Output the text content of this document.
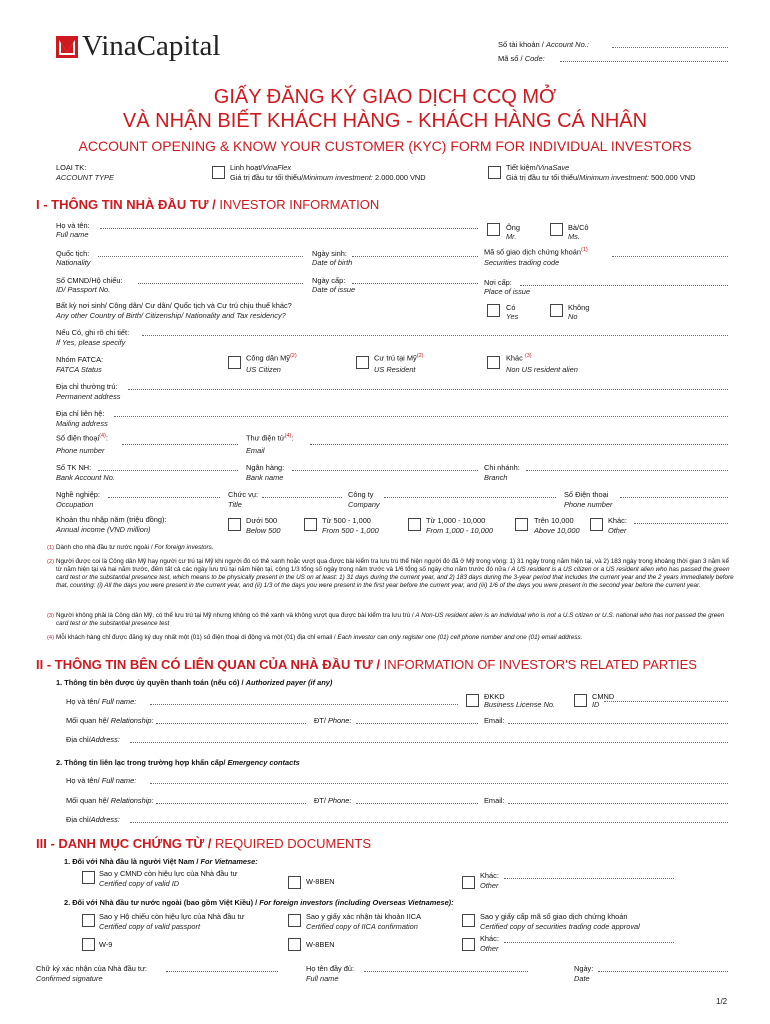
VinaCapital	Số tài khoản / Account No.:
Mã số / Code:
GIẤY ĐĂNG KÝ GIAO DỊCH CCQ MỞ
VÀ NHẬN BIẾT KHÁCH HÀNG - KHÁCH HÀNG CÁ NHÂN
ACCOUNT OPENING & KNOW YOUR CUSTOMER (KYC) FORM FOR INDIVIDUAL INVESTORS
LOẠI TK:
ACCOUNT TYPE
Linh hoạt/VinaFlex
Giá trị đầu tư tối thiểu/Minimum investment: 2.000.000 VND
Tiết kiệm/VinaSave
Giá trị đầu tư tối thiểu/Minimum investment: 500.000 VND
I - THÔNG TIN NHÀ ĐẦU TƯ / INVESTOR INFORMATION
Họ và tên:
Full name
Ông
Mr.
Bà/Cô
Ms.
Quốc tịch:
Nationality
Ngày sinh:
Date of birth
Mã số giao dịch chứng khoán$^{(1)}$
Securities trading code
Số CMND/Hộ chiếu:
ID/ Passport No.
Ngày cấp:
Date of issue
Nơi cấp:
Place of issue
Bất kỳ nơi sinh/ Công dân/ Cư dân/ Quốc tịch và Cư trú chịu thuế khác?
Any other Country of Birth/ Citizenship/ Nationality and Tax residency?
Có
Yes
Không
No
Nếu Có, ghi rõ chi tiết:
If Yes, please specify
Nhóm FATCA:
FATCA Status
Công dân Mỹ$^{(2)}$
US Citizen
Cư trú tại Mỹ$^{(2)}$
US Resident
Khác $^{(3)}$
Non US resident alien
Địa chỉ thường trú:
Permanent address
Địa chỉ liên hệ:
Mailing address
Số điện thoại$^{(4)}$:
Phone number
Thư điện tử$^{(4)}$:
Email
Số TK NH:
Bank Account No.
Ngân hàng:
Bank name
Chi nhánh:
Branch
Nghề nghiệp:
Occupation
Chức vụ:
Title
Công ty
Company
Số Điện thoại
Phone number
Khoản thu nhập năm (triệu đồng):
Annual income (VND million)
Dưới 500
Below 500
Từ 500 - 1,000
From 500 - 1,000
Từ 1,000 - 10,000
From 1,000 - 10,000
Trên 10,000
Above 10,000
Khác:
Other
(1) Dành cho nhà đầu tư nước ngoài / For foreign investors.
(2) Người được coi là Công dân Mỹ hay người cư trú tại Mỹ khi người đó có thẻ xanh hoặc vượt qua được bài kiểm tra lưu trú thể hiện người đó đã ở Mỹ trong vòng: 1) 31 ngày trong năm hiện tại, và 2) 183 ngày trong khoảng thời gian 3 năm kể từ năm hiện tại và hai năm trước, đếm tất cả các ngày lưu trú tại năm hiện tại, cộng 1/3 tổng số ngày trong năm trước và 1/6 tổng số ngày cho năm trước đó nữa / A US resident is a US citizen or a US resident alien who has passed the green card test or the substantial presence test, which means to be physically present in the US on at least: 1) 31 days during the current year, and 2) 183 days during the 3-year period that includes the current year and the 2 years immediately before that, counting: (i) All the days you were present in the current year, and (ii) 1/3 of the days you were present in the first year before the current year, and (iii) 1/6 of the days you were present in the second year before the current year.
(3) Người không phải là Công dân Mỹ, có thể lưu trú tại Mỹ nhưng không có thẻ xanh và không vượt qua được bài kiểm tra lưu trú / A Non-US resident alien is an individual who is not a U.S citizen or U.S. national who has not passed the green card test or the substantial presence test
(4) Mỗi khách hàng chỉ được đăng ký duy nhất một (01) số điện thoại di động và một (01) địa chỉ email / Each investor can only register one (01) cell phone number and one (01) email address.
II - THÔNG TIN BÊN CÓ LIÊN QUAN CỦA NHÀ ĐẦU TƯ / INFORMATION OF INVESTOR'S RELATED PARTIES
1. Thông tin bên được ủy quyền thanh toán (nếu có) / Authorized payer (if any)
Họ và tên/ Full name:
ĐKKD
Business License No.
CMND
ID
Mối quan hệ/ Relationship:	ĐT/ Phone:	Email:
Địa chỉ/Address:
2. Thông tin liên lạc trong trường hợp khẩn cấp/ Emergency contacts
Họ và tên/ Full name:
Mối quan hệ/ Relationship:	ĐT/ Phone:	Email:
Địa chỉ/Address:
III - DANH MỤC CHỨNG TỪ / REQUIRED DOCUMENTS
1. Đối với Nhà đầu là người Việt Nam / For Vietnamese:
Sao y CMND còn hiệu lực của Nhà đầu tư
Certified copy of valid ID	W-8BEN
Khác:
Other
2. Đối với Nhà đầu tư nước ngoài (bao gồm Việt Kiều) / For foreign investors (including Overseas Vietnamese):
Sao y Hộ chiếu còn hiệu lực của Nhà đầu tư
Certified copy of valid passport
Sao y giấy xác nhận tài khoản IICA
Certified copy of IICA confirmation
Sao y giấy cấp mã số giao dịch chứng khoán
Certified copy of securities trading code approval
W-9	W-8BEN
Khác:
Other
Chữ ký xác nhận của Nhà đầu tư:
Confirmed signature
Họ tên đầy đủ:
Full name
Ngày:
Date
1/2
